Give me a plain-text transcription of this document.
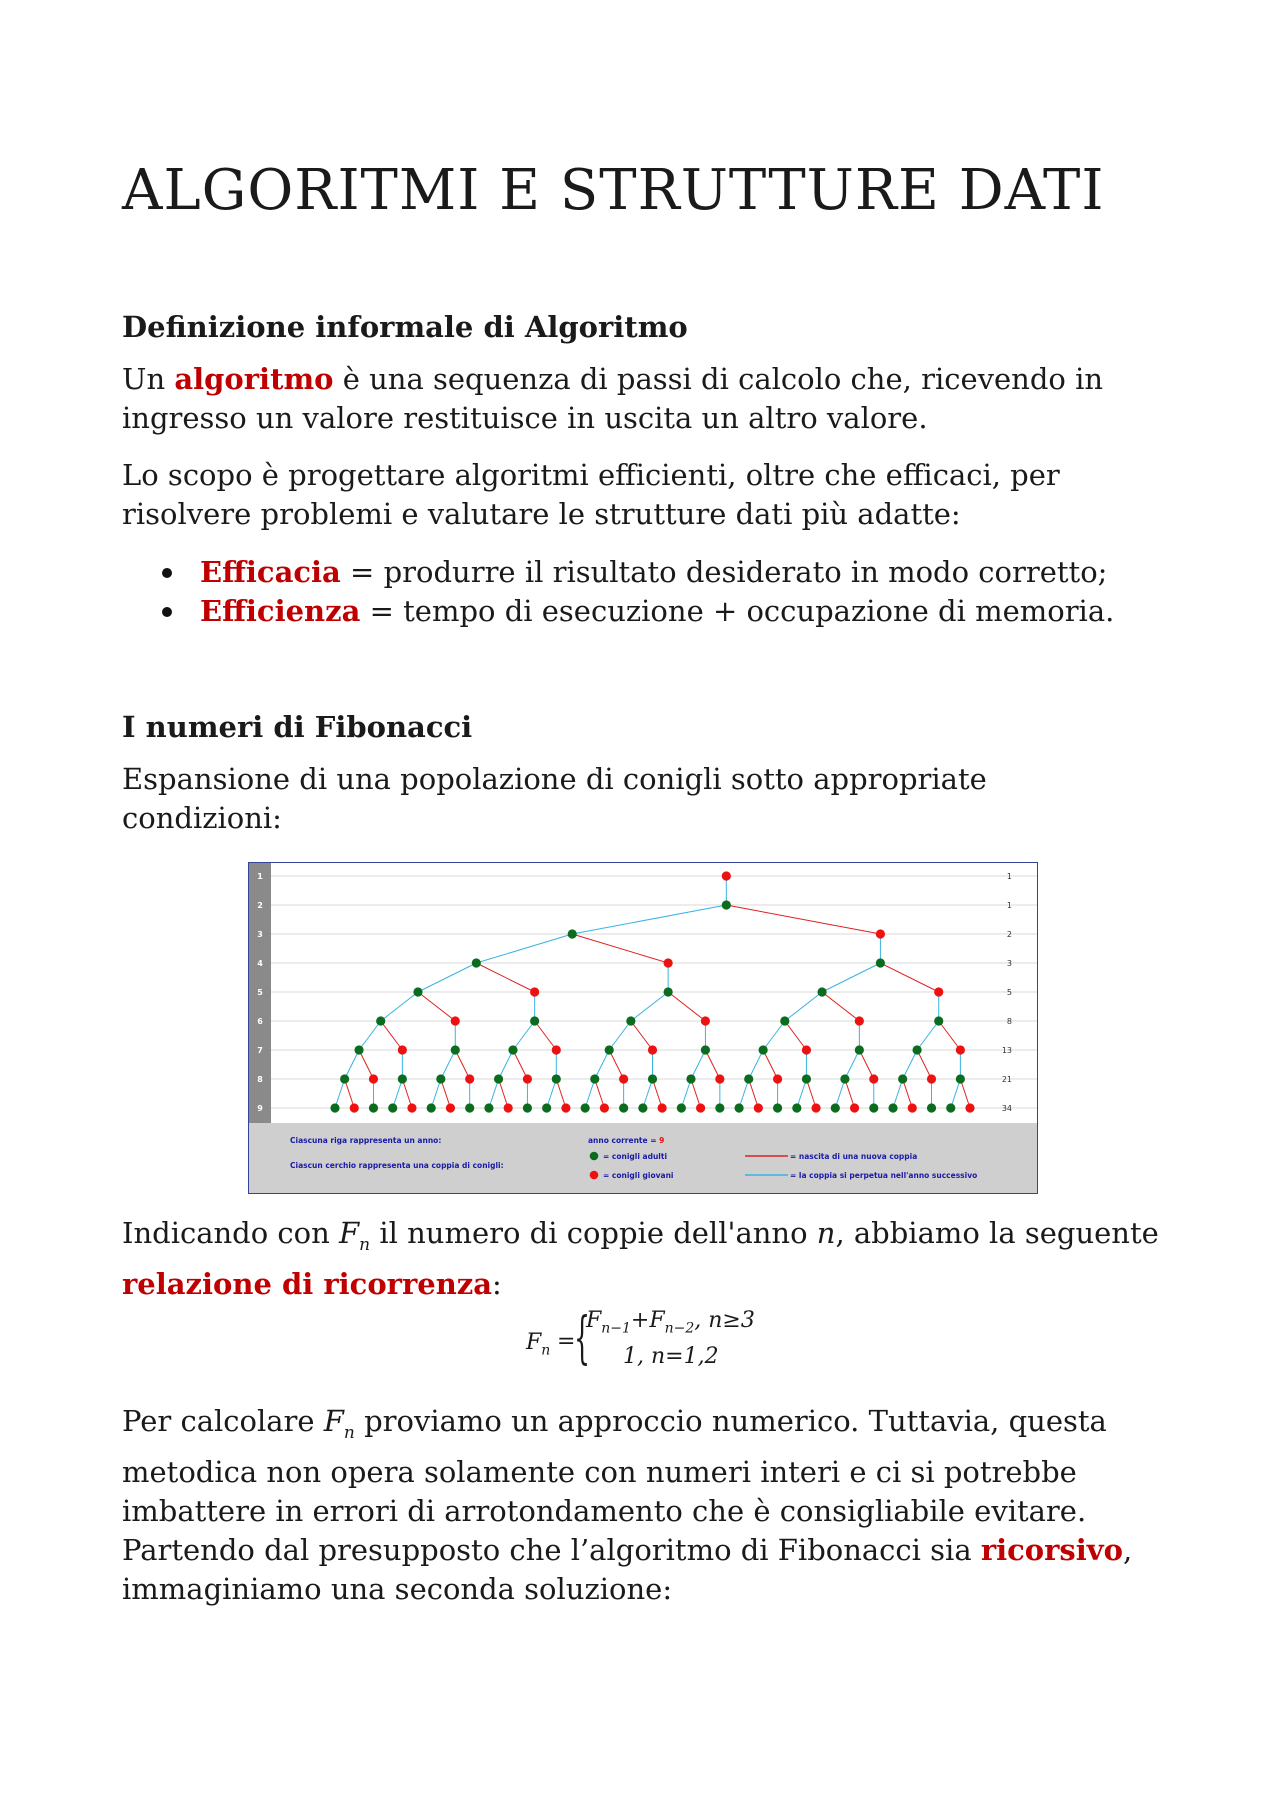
ALGORITMI E STRUTTURE DATI
Definizione informale di Algoritmo

Un algoritmo è una sequenza di passi di calcolo che, ricevendo in ingresso un valore restituisce in uscita un altro valore.

Lo scopo è progettare algoritmi efficienti, oltre che efficaci, per risolvere problemi e valutare le strutture dati più adatte:

Efficacia = produrre il risultato desiderato in modo corretto;
Efficienza = tempo di esecuzione + occupazione di memoria.
I numeri di Fibonacci

Espansione di una popolazione di conigli sotto appropriate condizioni:

Indicando con $F_n$ il numero di coppie dell'anno n, abbiamo la seguente relazione di ricorrenza:

Per calcolare $F_n$ proviamo un approccio numerico. Tuttavia, questa metodica non opera solamente con numeri interi e ci si potrebbe imbattere in errori di arrotondamento che è consigliabile evitare. Partendo dal presupposto che l’algoritmo di Fibonacci sia ricorsivo, immaginiamo una seconda soluzione:

1
2
3
4
5
6
7
8
9
1
1
2
3
5
8
13
21
34
Ciascuna riga rappresenta un anno:
Ciascun cerchio rappresenta una coppia di conigli:
anno corrente = 9
= conigli adulti
= conigli giovani
= nascita di una nuova coppia
= la coppia si perpetua nell'anno successivo
$F_n$ =
{
$F_{n-1}+F_{n-2}$, n≥3
1, n=1,2
